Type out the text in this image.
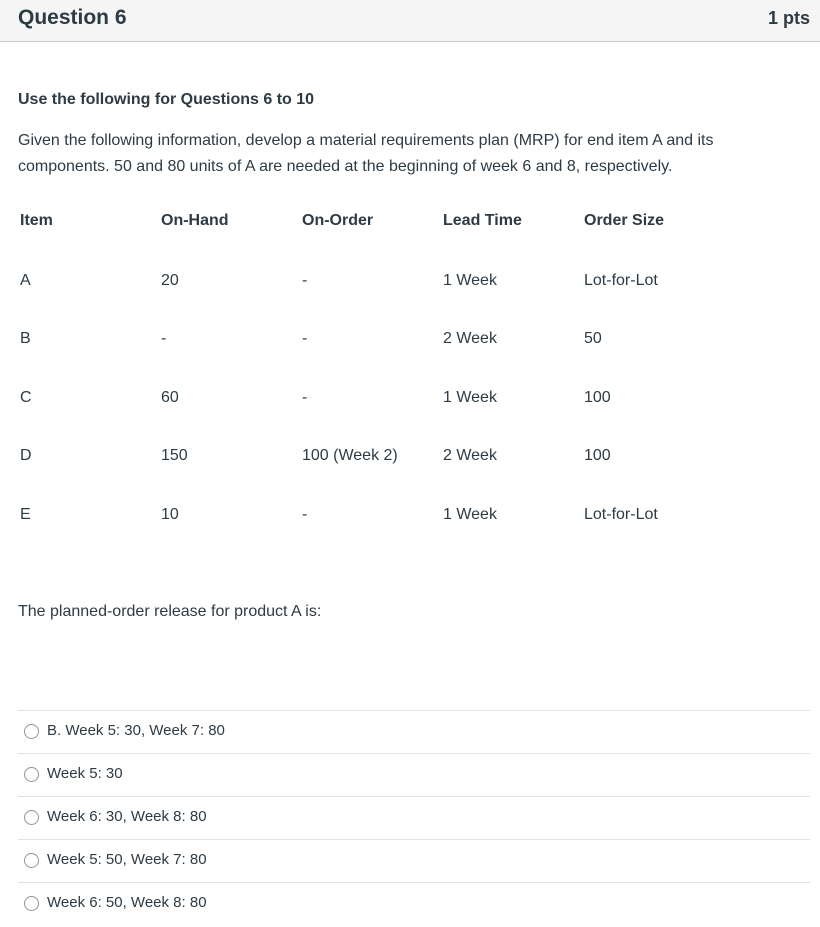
Question 6	1 pts
Use the following for Questions 6 to 10
Given the following information, develop a material requirements plan (MRP) for end item A and its components. 50 and 80 units of A are needed at the beginning of week 6 and 8, respectively.
Item	On-Hand	On-Order	Lead Time	Order Size
A	20	-	1 Week	Lot-for-Lot
B	-	-	2 Week	50
C	60	-	1 Week	100
D	150	100 (Week 2)	2 Week	100
E	10	-	1 Week	Lot-for-Lot
The planned-order release for product A is:
B. Week 5: 30, Week 7: 80
Week 5: 30
Week 6: 30, Week 8: 80
Week 5: 50, Week 7: 80
Week 6: 50, Week 8: 80
